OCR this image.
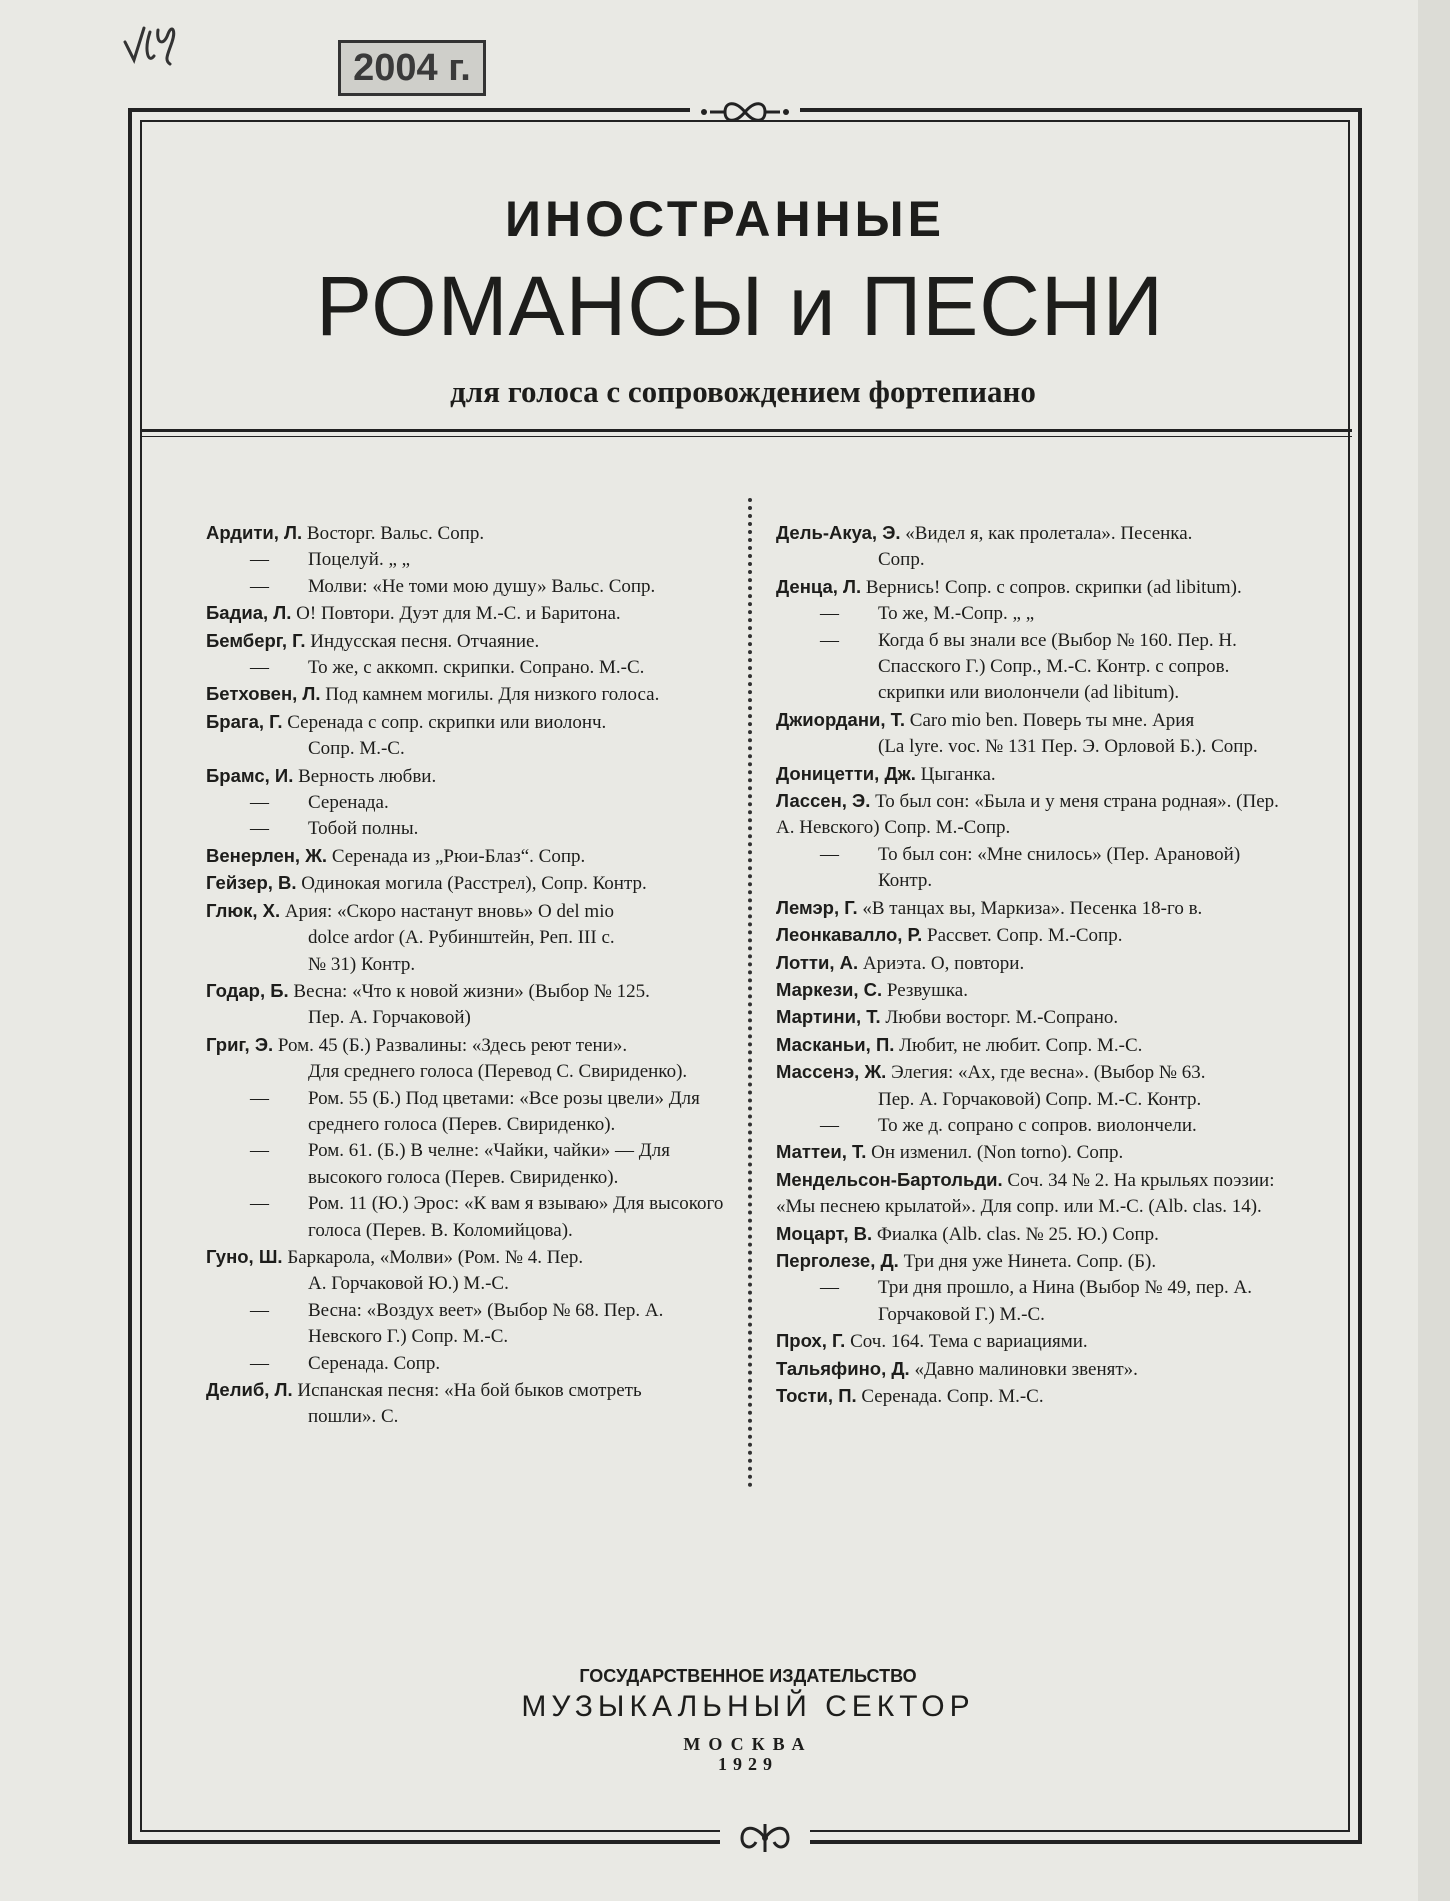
2004 г.
ИНОСТРАННЫЕ
РОМАНСЫ и ПЕСНИ
для голоса с сопровождением фортепиано
Ардити, Л. Восторг. Вальс. Сопр.
— Поцелуй. „ „
— Молви: «Не томи мою душу» Вальс. Сопр.
Бадиа, Л. О! Повтори. Дуэт для М.-С. и Баритона.
Бемберг, Г. Индусская песня. Отчаяние.
— То же, с аккомп. скрипки. Сопрано. М.-С.
Бетховен, Л. Под камнем могилы. Для низкого голоса.
Брага, Г. Серенада с сопр. скрипки или виолонч.
Сопр. М.-С.
Брамс, И. Верность любви.
— Серенада.
— Тобой полны.
Венерлен, Ж. Серенада из „Рюи-Блаз“. Сопр.
Гейзер, В. Одинокая могила (Расстрел), Сопр. Контр.
Глюк, Х. Ария: «Скоро настанут вновь» O del mio
dolce ardor (А. Рубинштейн, Реп. III с.
№ 31) Контр.
Годар, Б. Весна: «Что к новой жизни» (Выбор № 125.
Пер. А. Горчаковой)
Григ, Э. Ром. 45 (Б.) Развалины: «Здесь реют тени».
Для среднего голоса (Перевод С. Свириденко).
— Ром. 55 (Б.) Под цветами: «Все розы цвели» Для среднего голоса (Перев. Свириденко).
— Ром. 61. (Б.) В челне: «Чайки, чайки» — Для высокого голоса (Перев. Свириденко).
— Ром. 11 (Ю.) Эрос: «К вам я взываю» Для высокого голоса (Перев. В. Коломийцова).
Гуно, Ш. Баркарола, «Молви» (Ром. № 4. Пер.
А. Горчаковой Ю.) М.-С.
— Весна: «Воздух веет» (Выбор № 68. Пер. А. Невского Г.) Сопр. М.-С.
— Серенада. Сопр.
Делиб, Л. Испанская песня: «На бой быков смотреть
пошли». С.
Дель-Акуа, Э. «Видел я, как пролетала». Песенка.
Сопр.
Денца, Л. Вернись! Сопр. с сопров. скрипки (ad libitum).
— То же, М.-Сопр. „ „
— Когда б вы знали все (Выбор № 160. Пер. Н. Спасского Г.) Сопр., М.-С. Контр. с сопров. скрипки или виолончели (ad libitum).
Джиордани, Т. Caro mio ben. Поверь ты мне. Ария
(La lyre. voc. № 131 Пер. Э. Орловой Б.). Сопр.
Доницетти, Дж. Цыганка.
Лассен, Э. То был сон: «Была и у меня страна родная». (Пер. А. Невского) Сопр. М.-Сопр.
— То был сон: «Мне снилось» (Пер. Арановой) Контр.
Лемэр, Г. «В танцах вы, Маркиза». Песенка 18-го в.
Леонкавалло, Р. Рассвет. Сопр. М.-Сопр.
Лотти, А. Ариэта. О, повтори.
Маркези, С. Резвушка.
Мартини, Т. Любви восторг. М.-Сопрано.
Масканьи, П. Любит, не любит. Сопр. М.-С.
Массенэ, Ж. Элегия: «Ах, где весна». (Выбор № 63.
Пер. А. Горчаковой) Сопр. М.-С. Контр.
— То же д. сопрано с сопров. виолончели.
Маттеи, Т. Он изменил. (Non torno). Сопр.
Мендельсон-Бартольди. Соч. 34 № 2. На крыльях поэзии: «Мы песнею крылатой». Для сопр. или М.-С. (Alb. clas. 14).
Моцарт, В. Фиалка (Alb. clas. № 25. Ю.) Сопр.
Перголезе, Д. Три дня уже Нинета. Сопр. (Б).
— Три дня прошло, а Нина (Выбор № 49, пер. А. Горчаковой Г.) М.-С.
Прох, Г. Соч. 164. Тема с вариациями.
Тальяфино, Д. «Давно малиновки звенят».
Тости, П. Серенада. Сопр. М.-С.
ГОСУДАРСТВЕННОЕ ИЗДАТЕЛЬСТВО
МУЗЫКАЛЬНЫЙ СЕКТОР
МОСКВА
1929
